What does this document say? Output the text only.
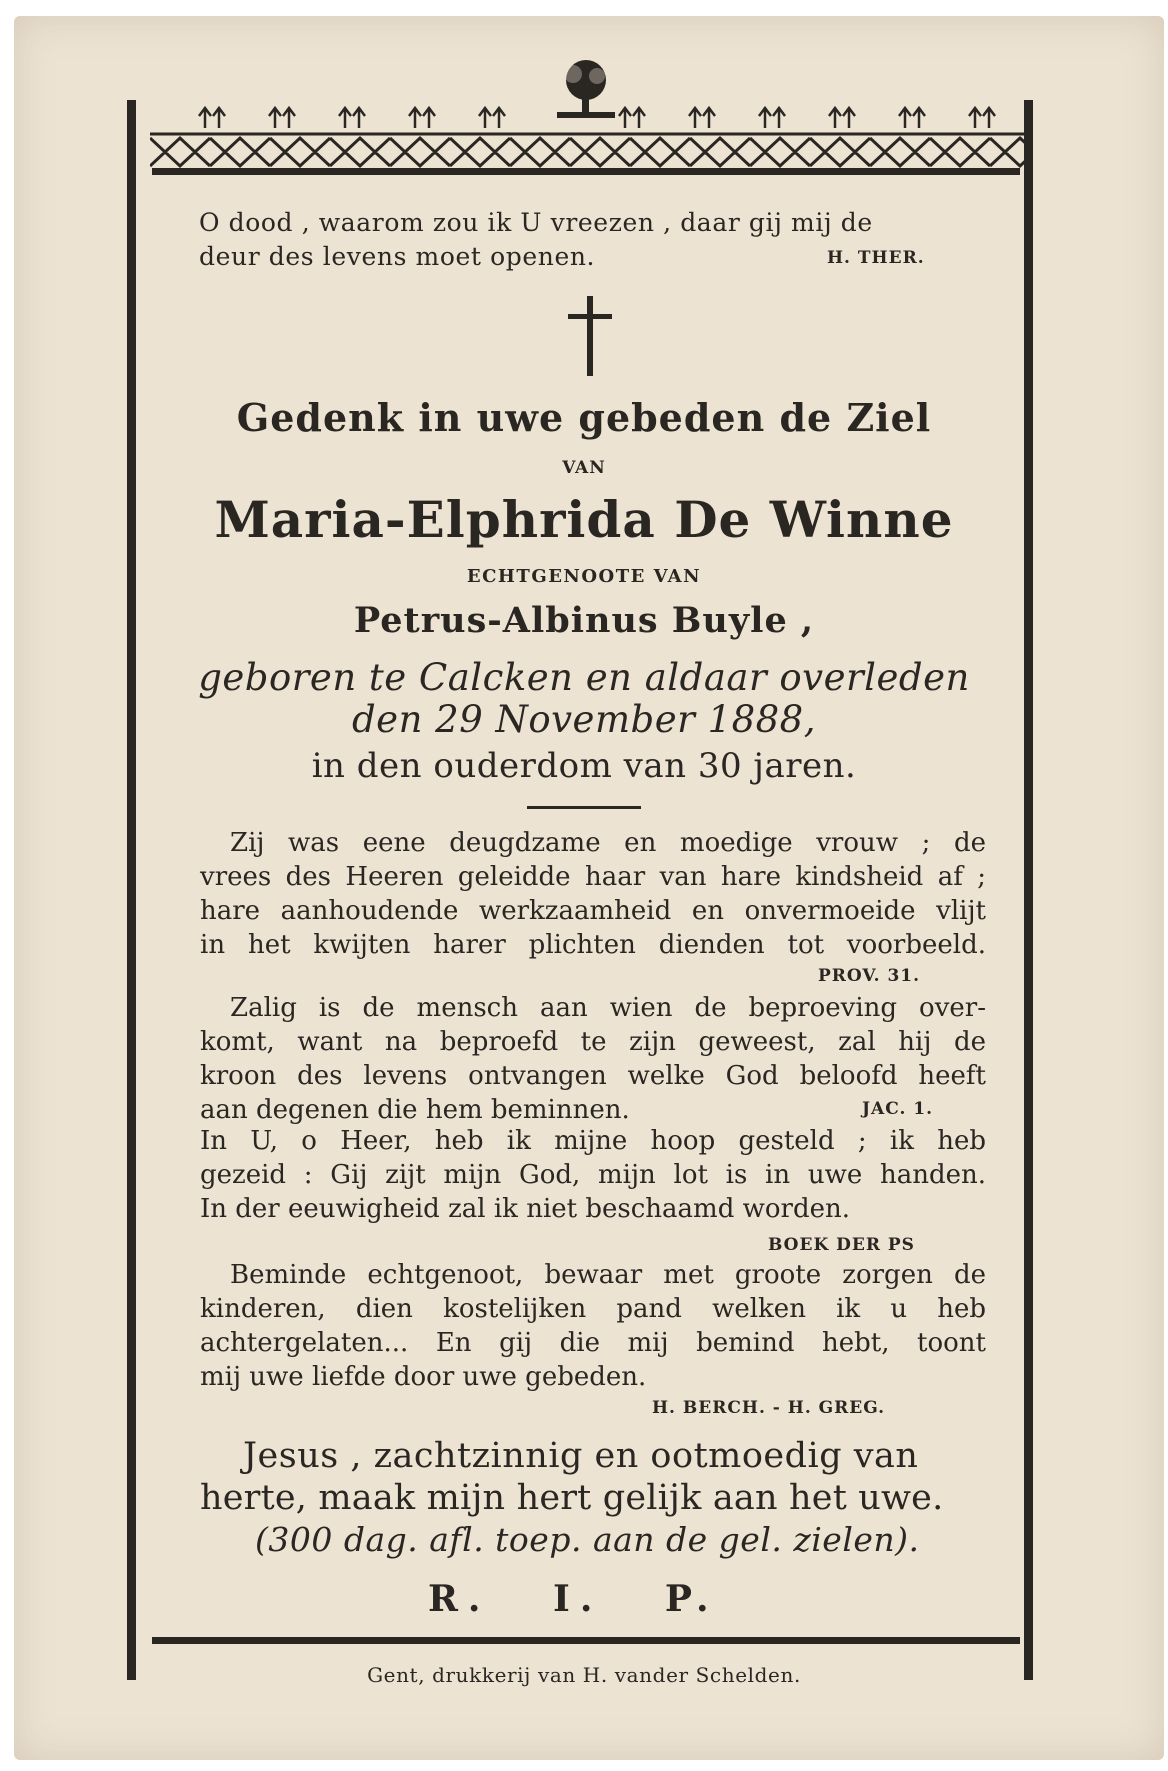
O dood , waarom zou ik U vreezen , daar gij mij de
deur des levens moet openen.	H. THER.
Gedenk in uwe gebeden de Ziel
VAN
Maria-Elphrida De Winne
ECHTGENOOTE VAN
Petrus-Albinus Buyle ,
geboren te Calcken en aldaar overleden
den 29 November 1888,
in den ouderdom van 30 jaren.
Zij was eene deugdzame en moedige vrouw ; de
vrees des Heeren geleidde haar van hare kindsheid af ;
hare aanhoudende werkzaamheid en onvermoeide vlijt
in het kwijten harer plichten dienden tot voorbeeld.
PROV. 31.
Zalig is de mensch aan wien de beproeving over-
komt, want na beproefd te zijn geweest, zal hij de
kroon des levens ontvangen welke God beloofd heeft
aan degenen die hem beminnen.	JAC. 1.
In U, o Heer, heb ik mijne hoop gesteld ; ik heb
gezeid : Gij zijt mijn God, mijn lot is in uwe handen.
In der eeuwigheid zal ik niet beschaamd worden.
BOEK DER PS
Beminde echtgenoot, bewaar met groote zorgen de
kinderen, dien kostelijken pand welken ik u heb
achtergelaten... En gij die mij bemind hebt, toont
mij uwe liefde door uwe gebeden.
H. BERCH. - H. GREG.
Jesus , zachtzinnig en ootmoedig van
herte, maak mijn hert gelijk aan het uwe.
(300 dag. afl. toep. aan de gel. zielen).
R. I. P.
Gent, drukkerij van H. vander Schelden.
